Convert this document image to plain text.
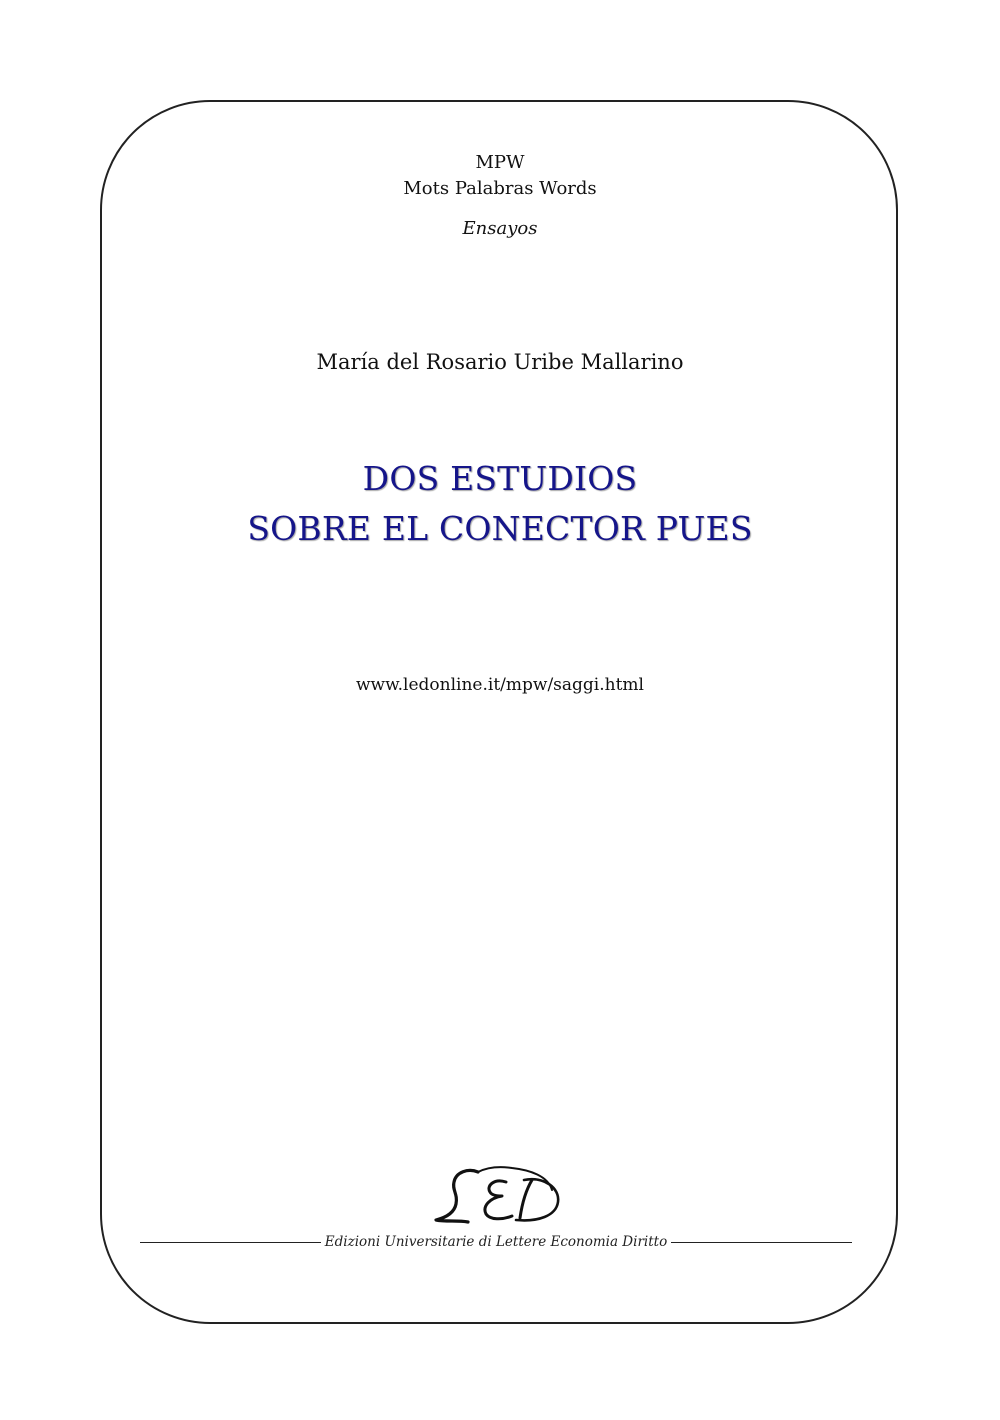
MPW
Mots Palabras Words
Ensayos
María del Rosario Uribe Mallarino
DOS ESTUDIOS
SOBRE EL CONECTOR PUES
www.ledonline.it/mpw/saggi.html
Edizioni Universitarie di Lettere Economia Diritto
